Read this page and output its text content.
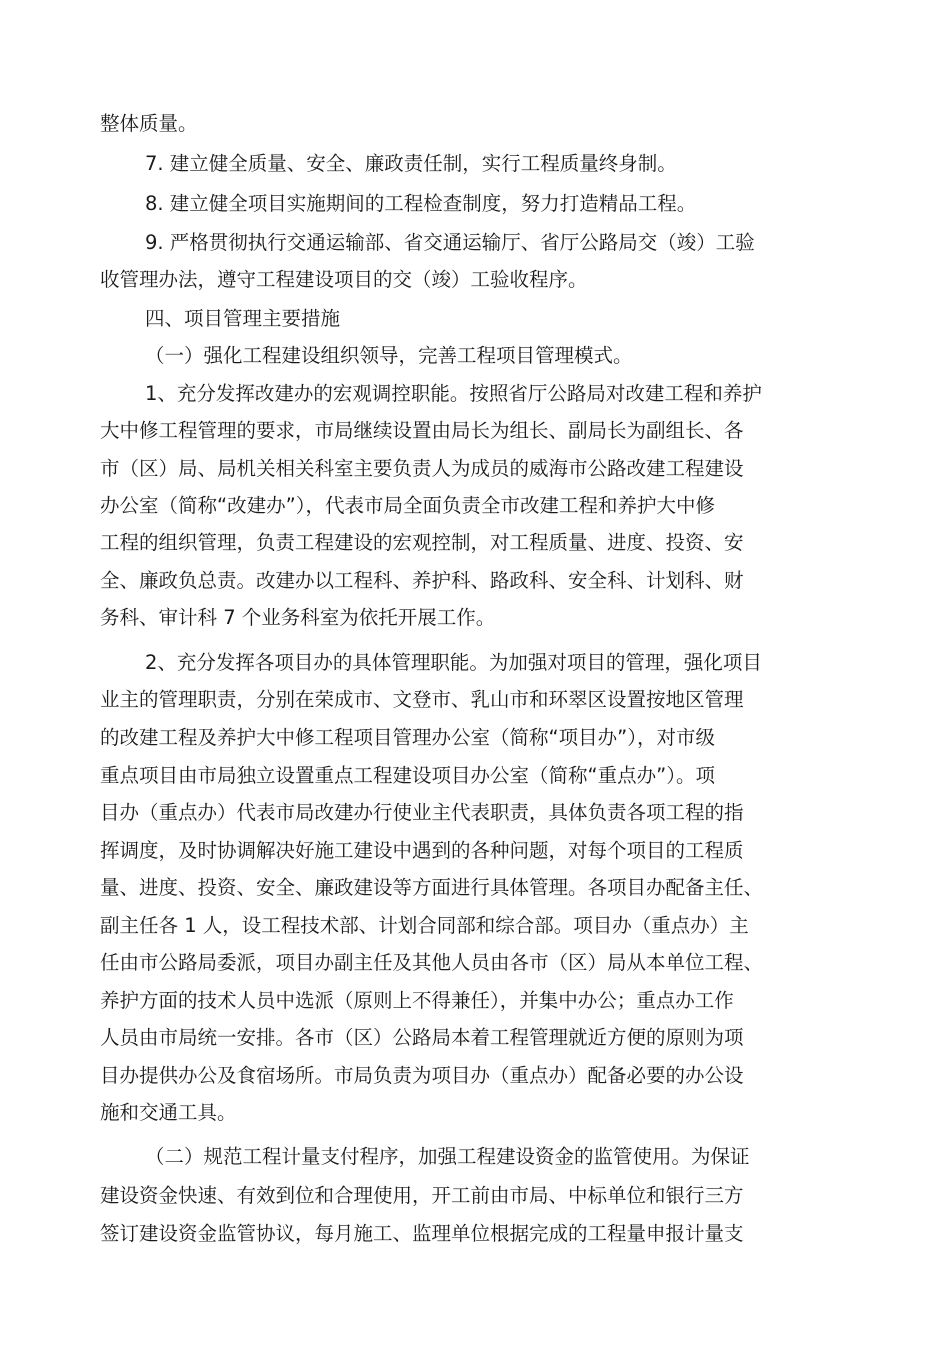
整体质量。
7. 建立健全质量、安全、廉政责任制，实行工程质量终身制。
8. 建立健全项目实施期间的工程检查制度，努力打造精品工程。
9. 严格贯彻执行交通运输部、省交通运输厅、省厅公路局交（竣）工验
收管理办法，遵守工程建设项目的交（竣）工验收程序。
四、项目管理主要措施
（一）强化工程建设组织领导，完善工程项目管理模式。
1、充分发挥改建办的宏观调控职能。按照省厅公路局对改建工程和养护
大中修工程管理的要求，市局继续设置由局长为组长、副局长为副组长、各
市（区）局、局机关相关科室主要负责人为成员的威海市公路改建工程建设
办公室（简称“改建办”），代表市局全面负责全市改建工程和养护大中修
工程的组织管理，负责工程建设的宏观控制，对工程质量、进度、投资、安
全、廉政负总责。改建办以工程科、养护科、路政科、安全科、计划科、财
务科、审计科 7 个业务科室为依托开展工作。
2、充分发挥各项目办的具体管理职能。为加强对项目的管理，强化项目
业主的管理职责，分别在荣成市、文登市、乳山市和环翠区设置按地区管理
的改建工程及养护大中修工程项目管理办公室（简称“项目办”），对市级
重点项目由市局独立设置重点工程建设项目办公室（简称“重点办”）。项
目办（重点办）代表市局改建办行使业主代表职责，具体负责各项工程的指
挥调度，及时协调解决好施工建设中遇到的各种问题，对每个项目的工程质
量、进度、投资、安全、廉政建设等方面进行具体管理。各项目办配备主任、
副主任各 1 人，设工程技术部、计划合同部和综合部。项目办（重点办）主
任由市公路局委派，项目办副主任及其他人员由各市（区）局从本单位工程、
养护方面的技术人员中选派（原则上不得兼任），并集中办公；重点办工作
人员由市局统一安排。各市（区）公路局本着工程管理就近方便的原则为项
目办提供办公及食宿场所。市局负责为项目办（重点办）配备必要的办公设
施和交通工具。
（二）规范工程计量支付程序，加强工程建设资金的监管使用。为保证
建设资金快速、有效到位和合理使用，开工前由市局、中标单位和银行三方
签订建设资金监管协议，每月施工、监理单位根据完成的工程量申报计量支
